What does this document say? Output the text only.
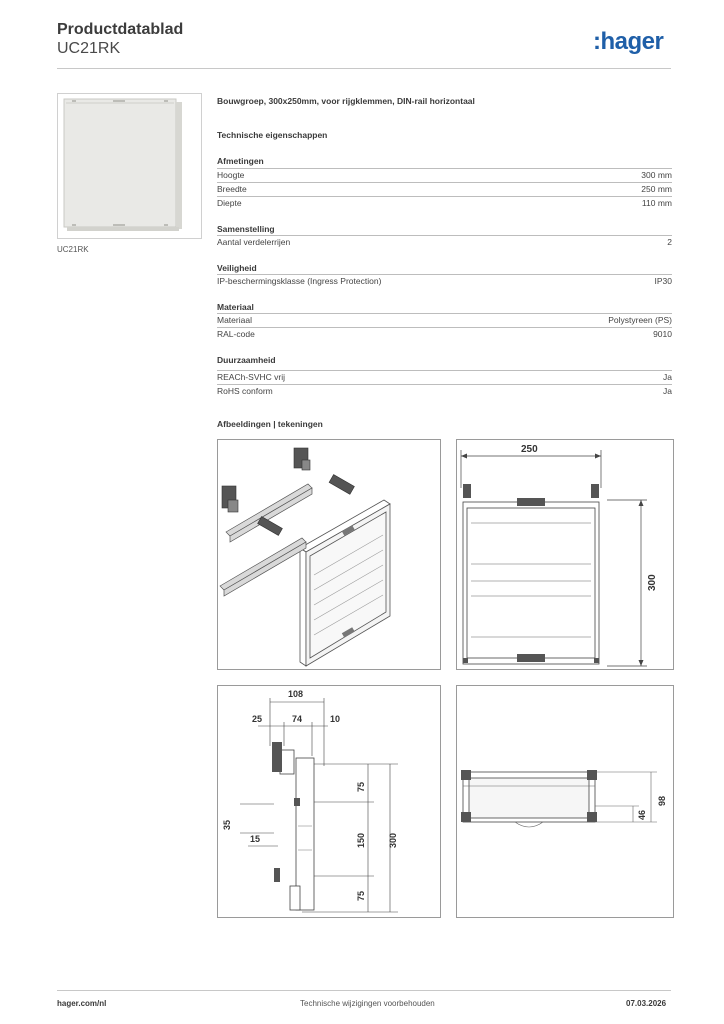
Productdatablad
UC21RK	:hager
UC21RK
Bouwgroep, 300x250mm, voor rijgklemmen, DIN-rail horizontaal
Technische eigenschappen
Afmetingen
Hoogte	300 mm
Breedte	250 mm
Diepte	110 mm
Samenstelling
Aantal verdelerrijen	2
Veiligheid
IP-beschermingsklasse (Ingress Protection)	IP30
Materiaal
Materiaal	Polystyreen (PS)
RAL-code	9010
Duurzaamheid
REACh-SVHC vrij	Ja
RoHS conform	Ja
Afbeeldingen | tekeningen
250
300
108
25	74	10
35
15
75
150
75
300
46
98
hager.com/nl	Technische wijzigingen voorbehouden	07.03.2026
